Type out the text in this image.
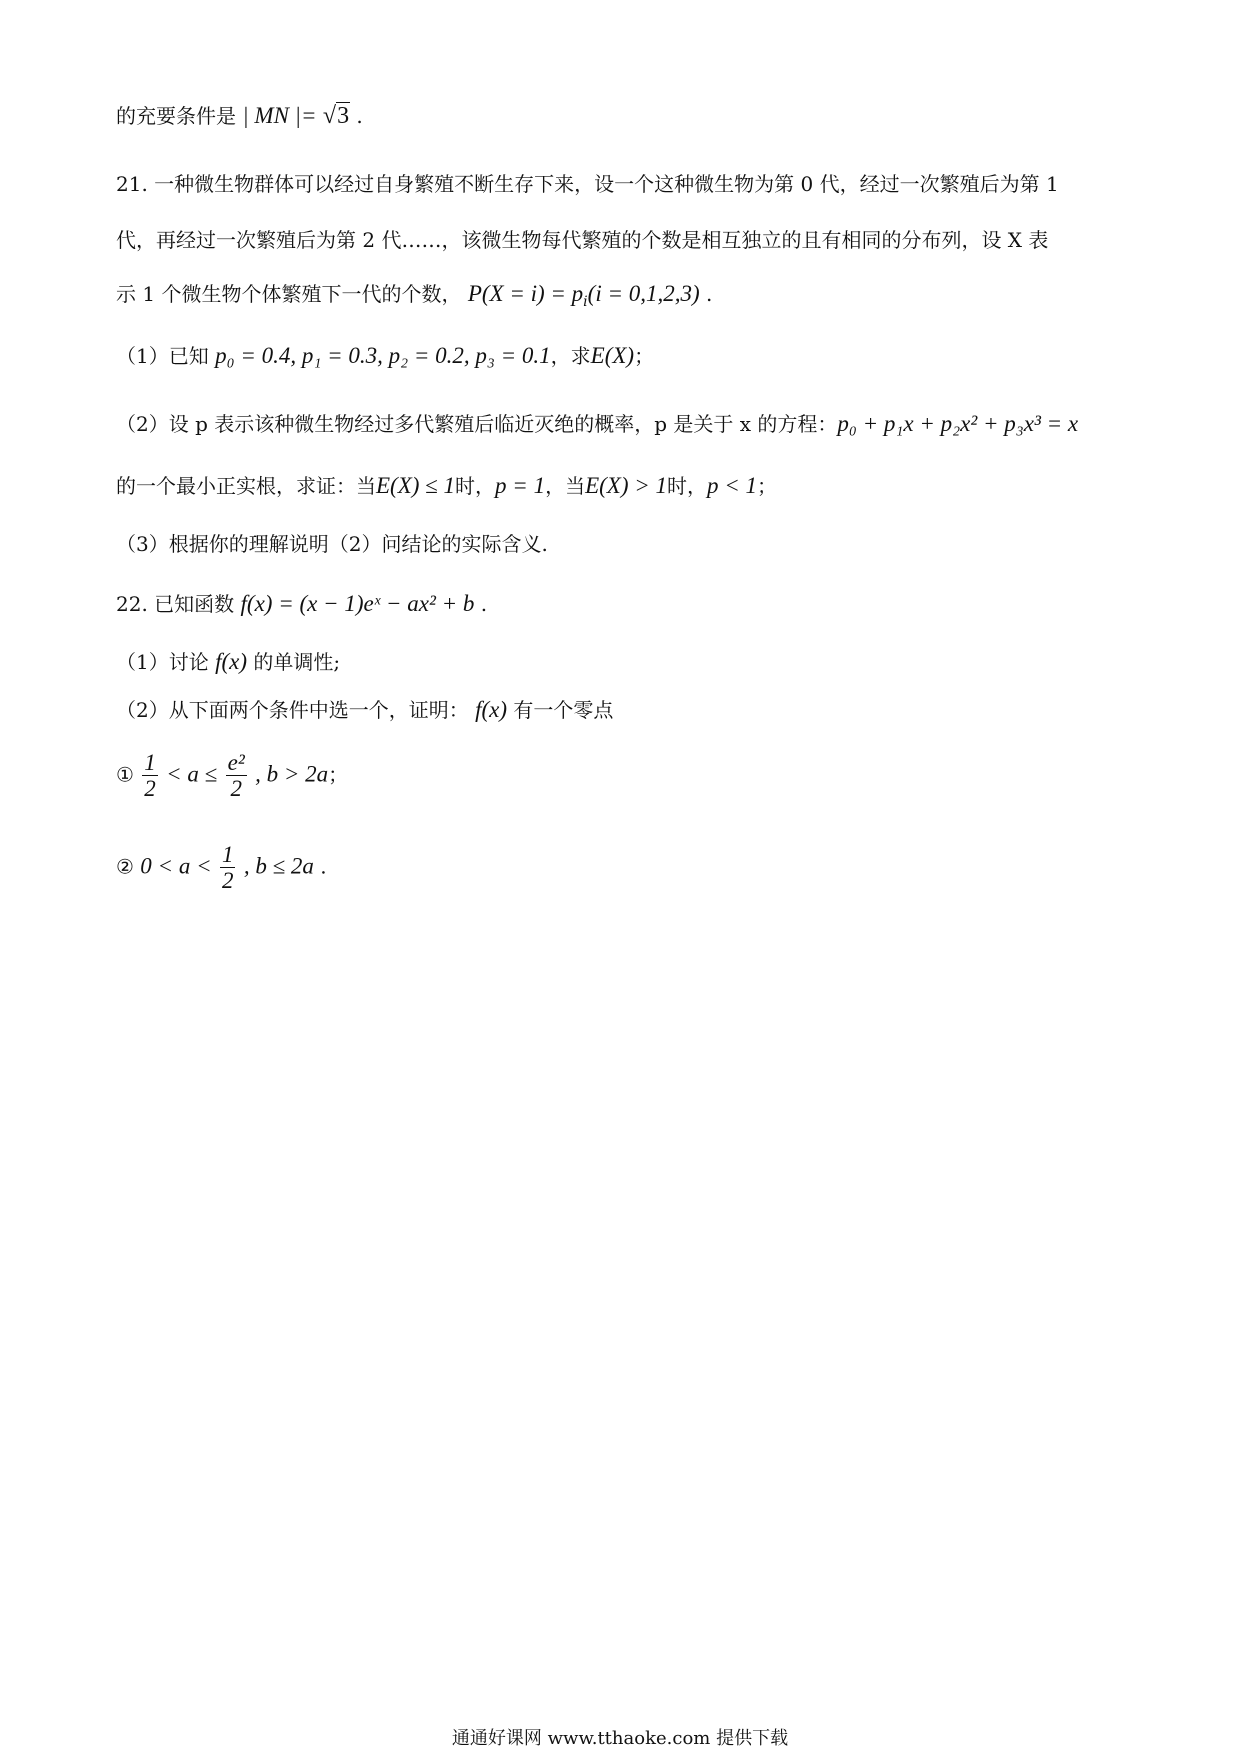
的充要条件是 | MN |= √3 .
21. 一种微生物群体可以经过自身繁殖不断生存下来，设一个这种微生物为第 0 代，经过一次繁殖后为第 1
代，再经过一次繁殖后为第 2 代……，该微生物每代繁殖的个数是相互独立的且有相同的分布列，设 X 表
示 1 个微生物个体繁殖下一代的个数， $P(X = i) = p_i(i = 0,1,2,3)$ .
（1）已知 p₀ = 0.4, p₁ = 0.3, p₂ = 0.2, p₃ = 0.1，求E(X)；
（2）设 p 表示该种微生物经过多代繁殖后临近灭绝的概率，p 是关于 x 的方程：p₀ + p₁x + p₂x² + p₃x³ = x
的一个最小正实根，求证：当E(X) ≤ 1时，p = 1，当E(X) > 1时，p < 1；
（3）根据你的理解说明（2）问结论的实际含义.
22. 已知函数 f(x) = (x − 1)eˣ − ax² + b .
（1）讨论 f(x) 的单调性;
（2）从下面两个条件中选一个，证明： f(x) 有一个零点
① $\frac{1}{2} < a \le \frac{\text{e²}}{2}$ , b > 2a；
② $0 < a < \frac{1}{2}$ , b ≤ 2a .
通通好课网 www.tthaoke.com 提供下载
